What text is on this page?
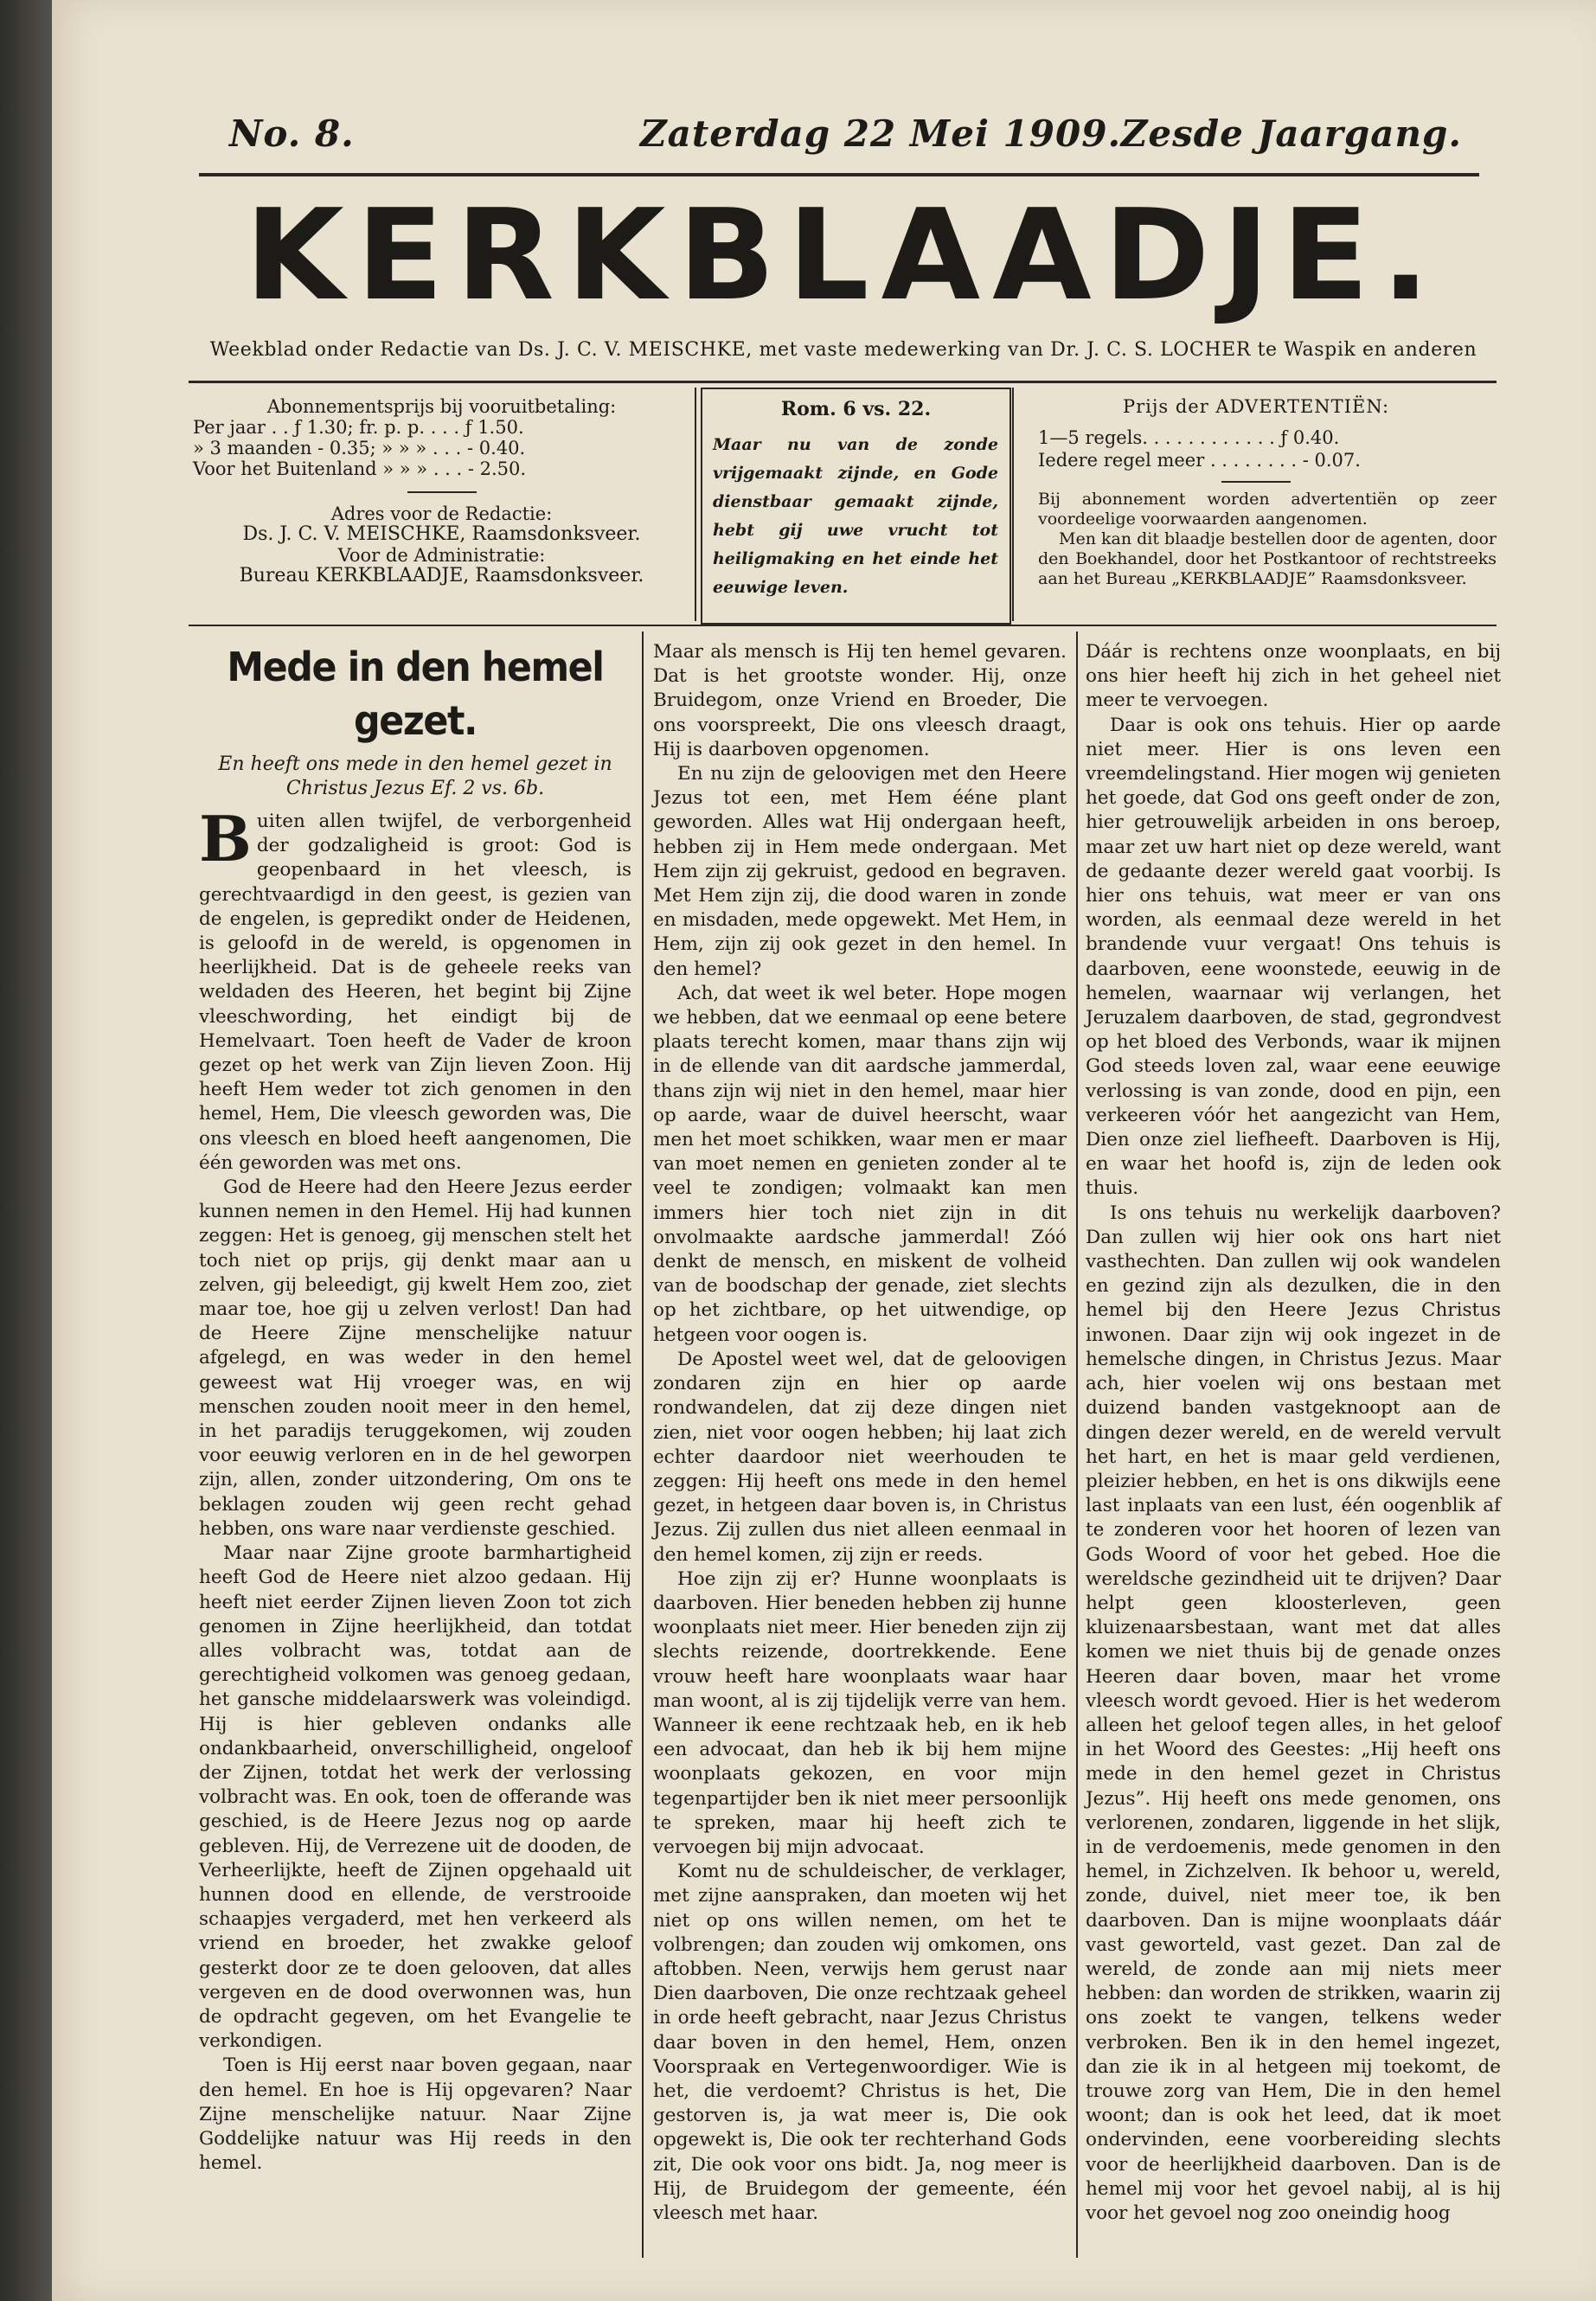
No. 8.	Zaterdag 22 Mei 1909. Zesde Jaargang.
KERKBLAADJE.
Weekblad onder Redactie van Ds. J. C. V. MEISCHKE, met vaste medewerking van Dr. J. C. S. LOCHER te Waspik en anderen
Abonnementsprijs bij vooruitbetaling:
Per jaar . . ƒ 1.30; fr. p. p. . . . ƒ 1.50.
» 3 maanden - 0.35; » » » . . . - 0.40.
Voor het Buitenland » » » . . . - 2.50.
Adres voor de Redactie:
Ds. J. C. V. MEISCHKE, Raamsdonksveer.
Voor de Administratie:
Bureau KERKBLAADJE, Raamsdonksveer.
Rom. 6 vs. 22.
Maar nu van de zonde vrijgemaakt zijnde, en Gode dienstbaar gemaakt zijnde, hebt gij uwe vrucht tot heiligmaking en het einde het eeuwige leven.
Prijs der ADVERTENTIËN:
1—5 regels. . . . . . . . . . . . ƒ 0.40.
Iedere regel meer . . . . . . . . - 0.07.

Bij abonnement worden advertentiën op zeer voordeelige voorwaarden aangenomen.

Men kan dit blaadje bestellen door de agenten, door den Boekhandel, door het Postkantoor of rechtstreeks aan het Bureau „KERKBLAADJE” Raamsdonksveer.

Mede in den hemel gezet.
En heeft ons mede in den hemel gezet in Christus Jezus Ef. 2 vs. 6b.

Buiten allen twijfel, de verborgenheid der godzaligheid is groot: God is geopenbaard in het vleesch, is gerechtvaardigd in den geest, is gezien van de engelen, is gepredikt onder de Heidenen, is geloofd in de wereld, is opgenomen in heerlijkheid. Dat is de geheele reeks van weldaden des Heeren, het begint bij Zijne vleeschwording, het eindigt bij de Hemelvaart. Toen heeft de Vader de kroon gezet op het werk van Zijn lieven Zoon. Hij heeft Hem weder tot zich genomen in den hemel, Hem, Die vleesch geworden was, Die ons vleesch en bloed heeft aangenomen, Die één geworden was met ons.

God de Heere had den Heere Jezus eerder kunnen nemen in den Hemel. Hij had kunnen zeggen: Het is genoeg, gij menschen stelt het toch niet op prijs, gij denkt maar aan u zelven, gij beleedigt, gij kwelt Hem zoo, ziet maar toe, hoe gij u zelven verlost! Dan had de Heere Zijne menschelijke natuur afgelegd, en was weder in den hemel geweest wat Hij vroeger was, en wij menschen zouden nooit meer in den hemel, in het paradijs teruggekomen, wij zouden voor eeuwig verloren en in de hel geworpen zijn, allen, zonder uitzondering, Om ons te beklagen zouden wij geen recht gehad hebben, ons ware naar verdienste geschied.

Maar naar Zijne groote barmhartigheid heeft God de Heere niet alzoo gedaan. Hij heeft niet eerder Zijnen lieven Zoon tot zich genomen in Zijne heerlijkheid, dan totdat alles volbracht was, totdat aan de gerechtigheid volkomen was genoeg gedaan, het gansche middelaarswerk was voleindigd. Hij is hier gebleven ondanks alle ondankbaarheid, onverschilligheid, ongeloof der Zijnen, totdat het werk der verlossing volbracht was. En ook, toen de offerande was geschied, is de Heere Jezus nog op aarde gebleven. Hij, de Verrezene uit de dooden, de Verheerlijkte, heeft de Zijnen opgehaald uit hunnen dood en ellende, de verstrooide schaapjes vergaderd, met hen verkeerd als vriend en broeder, het zwakke geloof gesterkt door ze te doen gelooven, dat alles vergeven en de dood overwonnen was, hun de opdracht gegeven, om het Evangelie te verkondigen.

Toen is Hij eerst naar boven gegaan, naar den hemel. En hoe is Hij opgevaren? Naar Zijne menschelijke natuur. Naar Zijne Goddelijke natuur was Hij reeds in den hemel.

Maar als mensch is Hij ten hemel gevaren. Dat is het grootste wonder. Hij, onze Bruidegom, onze Vriend en Broeder, Die ons voorspreekt, Die ons vleesch draagt, Hij is daarboven opgenomen.

En nu zijn de geloovigen met den Heere Jezus tot een, met Hem ééne plant geworden. Alles wat Hij ondergaan heeft, hebben zij in Hem mede ondergaan. Met Hem zijn zij gekruist, gedood en begraven. Met Hem zijn zij, die dood waren in zonde en misdaden, mede opgewekt. Met Hem, in Hem, zijn zij ook gezet in den hemel. In den hemel?

Ach, dat weet ik wel beter. Hope mogen we hebben, dat we eenmaal op eene betere plaats terecht komen, maar thans zijn wij in de ellende van dit aardsche jammerdal, thans zijn wij niet in den hemel, maar hier op aarde, waar de duivel heerscht, waar men het moet schikken, waar men er maar van moet nemen en genieten zonder al te veel te zondigen; volmaakt kan men immers hier toch niet zijn in dit onvolmaakte aardsche jammerdal! Zóó denkt de mensch, en miskent de volheid van de boodschap der genade, ziet slechts op het zichtbare, op het uitwendige, op hetgeen voor oogen is.

De Apostel weet wel, dat de geloovigen zondaren zijn en hier op aarde rondwandelen, dat zij deze dingen niet zien, niet voor oogen hebben; hij laat zich echter daardoor niet weerhouden te zeggen: Hij heeft ons mede in den hemel gezet, in hetgeen daar boven is, in Christus Jezus. Zij zullen dus niet alleen eenmaal in den hemel komen, zij zijn er reeds.

Hoe zijn zij er? Hunne woonplaats is daarboven. Hier beneden hebben zij hunne woonplaats niet meer. Hier beneden zijn zij slechts reizende, doortrekkende. Eene vrouw heeft hare woonplaats waar haar man woont, al is zij tijdelijk verre van hem. Wanneer ik eene rechtzaak heb, en ik heb een advocaat, dan heb ik bij hem mijne woonplaats gekozen, en voor mijn tegenpartijder ben ik niet meer persoonlijk te spreken, maar hij heeft zich te vervoegen bij mijn advocaat.

Komt nu de schuldeischer, de verklager, met zijne aanspraken, dan moeten wij het niet op ons willen nemen, om het te volbrengen; dan zouden wij omkomen, ons aftobben. Neen, verwijs hem gerust naar Dien daarboven, Die onze rechtzaak geheel in orde heeft gebracht, naar Jezus Christus daar boven in den hemel, Hem, onzen Voorspraak en Vertegenwoordiger. Wie is het, die verdoemt? Christus is het, Die gestorven is, ja wat meer is, Die ook opgewekt is, Die ook ter rechterhand Gods zit, Die ook voor ons bidt. Ja, nog meer is Hij, de Bruidegom der gemeente, één vleesch met haar.

Dáár is rechtens onze woonplaats, en bij ons hier heeft hij zich in het geheel niet meer te vervoegen.

Daar is ook ons tehuis. Hier op aarde niet meer. Hier is ons leven een vreemdelingstand. Hier mogen wij genieten het goede, dat God ons geeft onder de zon, hier getrouwelijk arbeiden in ons beroep, maar zet uw hart niet op deze wereld, want de gedaante dezer wereld gaat voorbij. Is hier ons tehuis, wat meer er van ons worden, als eenmaal deze wereld in het brandende vuur vergaat! Ons tehuis is daarboven, eene woonstede, eeuwig in de hemelen, waarnaar wij verlangen, het Jeruzalem daarboven, de stad, gegrondvest op het bloed des Verbonds, waar ik mijnen God steeds loven zal, waar eene eeuwige verlossing is van zonde, dood en pijn, een verkeeren vóór het aangezicht van Hem, Dien onze ziel liefheeft. Daarboven is Hij, en waar het hoofd is, zijn de leden ook thuis.

Is ons tehuis nu werkelijk daarboven? Dan zullen wij hier ook ons hart niet vasthechten. Dan zullen wij ook wandelen en gezind zijn als dezulken, die in den hemel bij den Heere Jezus Christus inwonen. Daar zijn wij ook ingezet in de hemelsche dingen, in Christus Jezus. Maar ach, hier voelen wij ons bestaan met duizend banden vastgeknoopt aan de dingen dezer wereld, en de wereld vervult het hart, en het is maar geld verdienen, pleizier hebben, en het is ons dikwijls eene last inplaats van een lust, één oogenblik af te zonderen voor het hooren of lezen van Gods Woord of voor het gebed. Hoe die wereldsche gezindheid uit te drijven? Daar helpt geen kloosterleven, geen kluizenaarsbestaan, want met dat alles komen we niet thuis bij de genade onzes Heeren daar boven, maar het vrome vleesch wordt gevoed. Hier is het wederom alleen het geloof tegen alles, in het geloof in het Woord des Geestes: „Hij heeft ons mede in den hemel gezet in Christus Jezus”. Hij heeft ons mede genomen, ons verlorenen, zondaren, liggende in het slijk, in de verdoemenis, mede genomen in den hemel, in Zichzelven. Ik behoor u, wereld, zonde, duivel, niet meer toe, ik ben daarboven. Dan is mijne woonplaats dáár vast geworteld, vast gezet. Dan zal de wereld, de zonde aan mij niets meer hebben: dan worden de strikken, waarin zij ons zoekt te vangen, telkens weder verbroken. Ben ik in den hemel ingezet, dan zie ik in al hetgeen mij toekomt, de trouwe zorg van Hem, Die in den hemel woont; dan is ook het leed, dat ik moet ondervinden, eene voorbereiding slechts voor de heerlijkheid daarboven. Dan is de hemel mij voor het gevoel nabij, al is hij voor het gevoel nog zoo oneindig hoog
